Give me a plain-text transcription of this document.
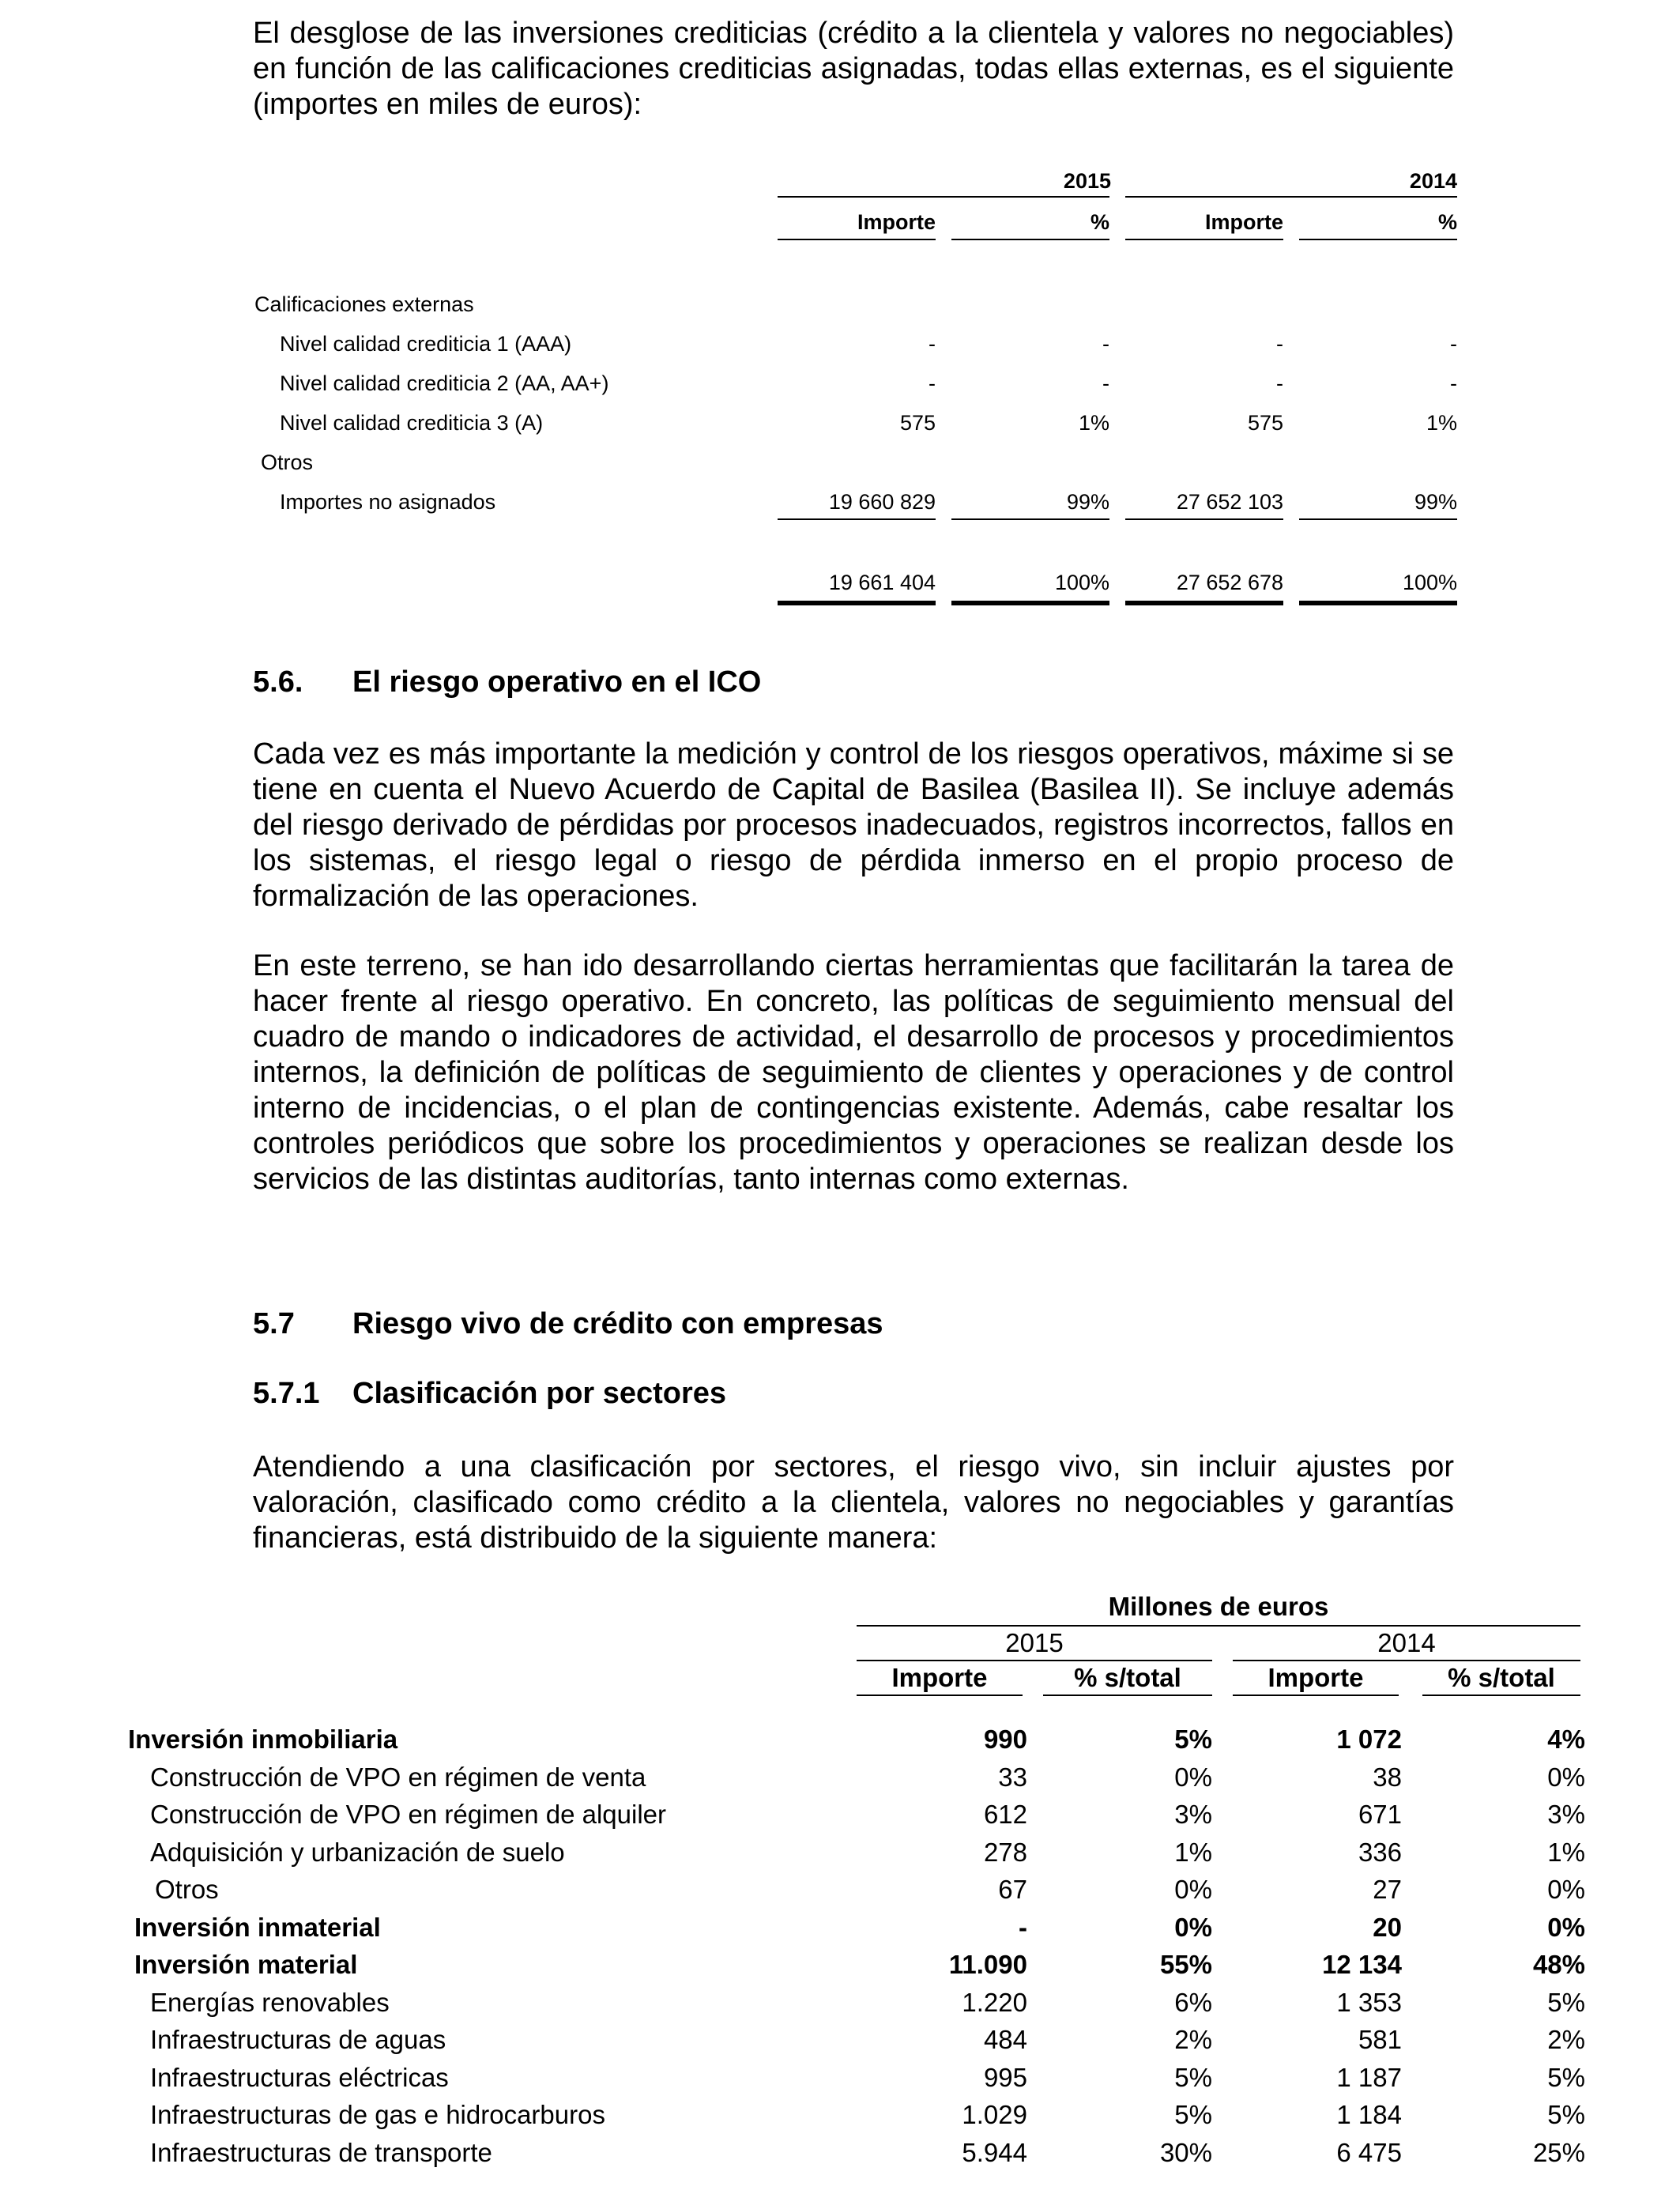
El desglose de las inversiones crediticias (crédito a la clientela y valores no negociables) en función de las calificaciones crediticias asignadas, todas ellas externas, es el siguiente (importes en miles de euros):

2015	2014
Importe	%	Importe	%
Calificaciones externas
Nivel calidad crediticia 1 (AAA)	-	-	-	-
Nivel calidad crediticia 2 (AA, AA+)	-	-	-	-
Nivel calidad crediticia 3 (A)	575	1%	575	1%
Otros
Importes no asignados	19 660 829	99%	27 652 103	99%
19 661 404	100%	27 652 678	100%
5.6. El riesgo operativo en el ICO

Cada vez es más importante la medición y control de los riesgos operativos, máxime si se tiene en cuenta el Nuevo Acuerdo de Capital de Basilea (Basilea II). Se incluye además del riesgo derivado de pérdidas por procesos inadecuados, registros incorrectos, fallos en los sistemas, el riesgo legal o riesgo de pérdida inmerso en el propio proceso de formalización de las operaciones.

En este terreno, se han ido desarrollando ciertas herramientas que facilitarán la tarea de hacer frente al riesgo operativo. En concreto, las políticas de seguimiento mensual del cuadro de mando o indicadores de actividad, el desarrollo de procesos y procedimientos internos, la definición de políticas de seguimiento de clientes y operaciones y de control interno de incidencias, o el plan de contingencias existente. Además, cabe resaltar los controles periódicos que sobre los procedimientos y operaciones se realizan desde los servicios de las distintas auditorías, tanto internas como externas.

5.7 Riesgo vivo de crédito con empresas
5.7.1 Clasificación por sectores

Atendiendo a una clasificación por sectores, el riesgo vivo, sin incluir ajustes por valoración, clasificado como crédito a la clientela, valores no negociables y garantías financieras, está distribuido de la siguiente manera:

Millones de euros
2015	2014
Importe	% s/total	Importe	% s/total
Inversión inmobiliaria	990	5%	1 072	4%
Construcción de VPO en régimen de venta	33	0%	38	0%
Construcción de VPO en régimen de alquiler	612	3%	671	3%
Adquisición y urbanización de suelo	278	1%	336	1%
Otros	67	0%	27	0%
Inversión inmaterial	-	0%	20	0%
Inversión material	11.090	55%	12 134	48%
Energías renovables	1.220	6%	1 353	5%
Infraestructuras de aguas	484	2%	581	2%
Infraestructuras eléctricas	995	5%	1 187	5%
Infraestructuras de gas e hidrocarburos	1.029	5%	1 184	5%
Infraestructuras de transporte	5.944	30%	6 475	25%
